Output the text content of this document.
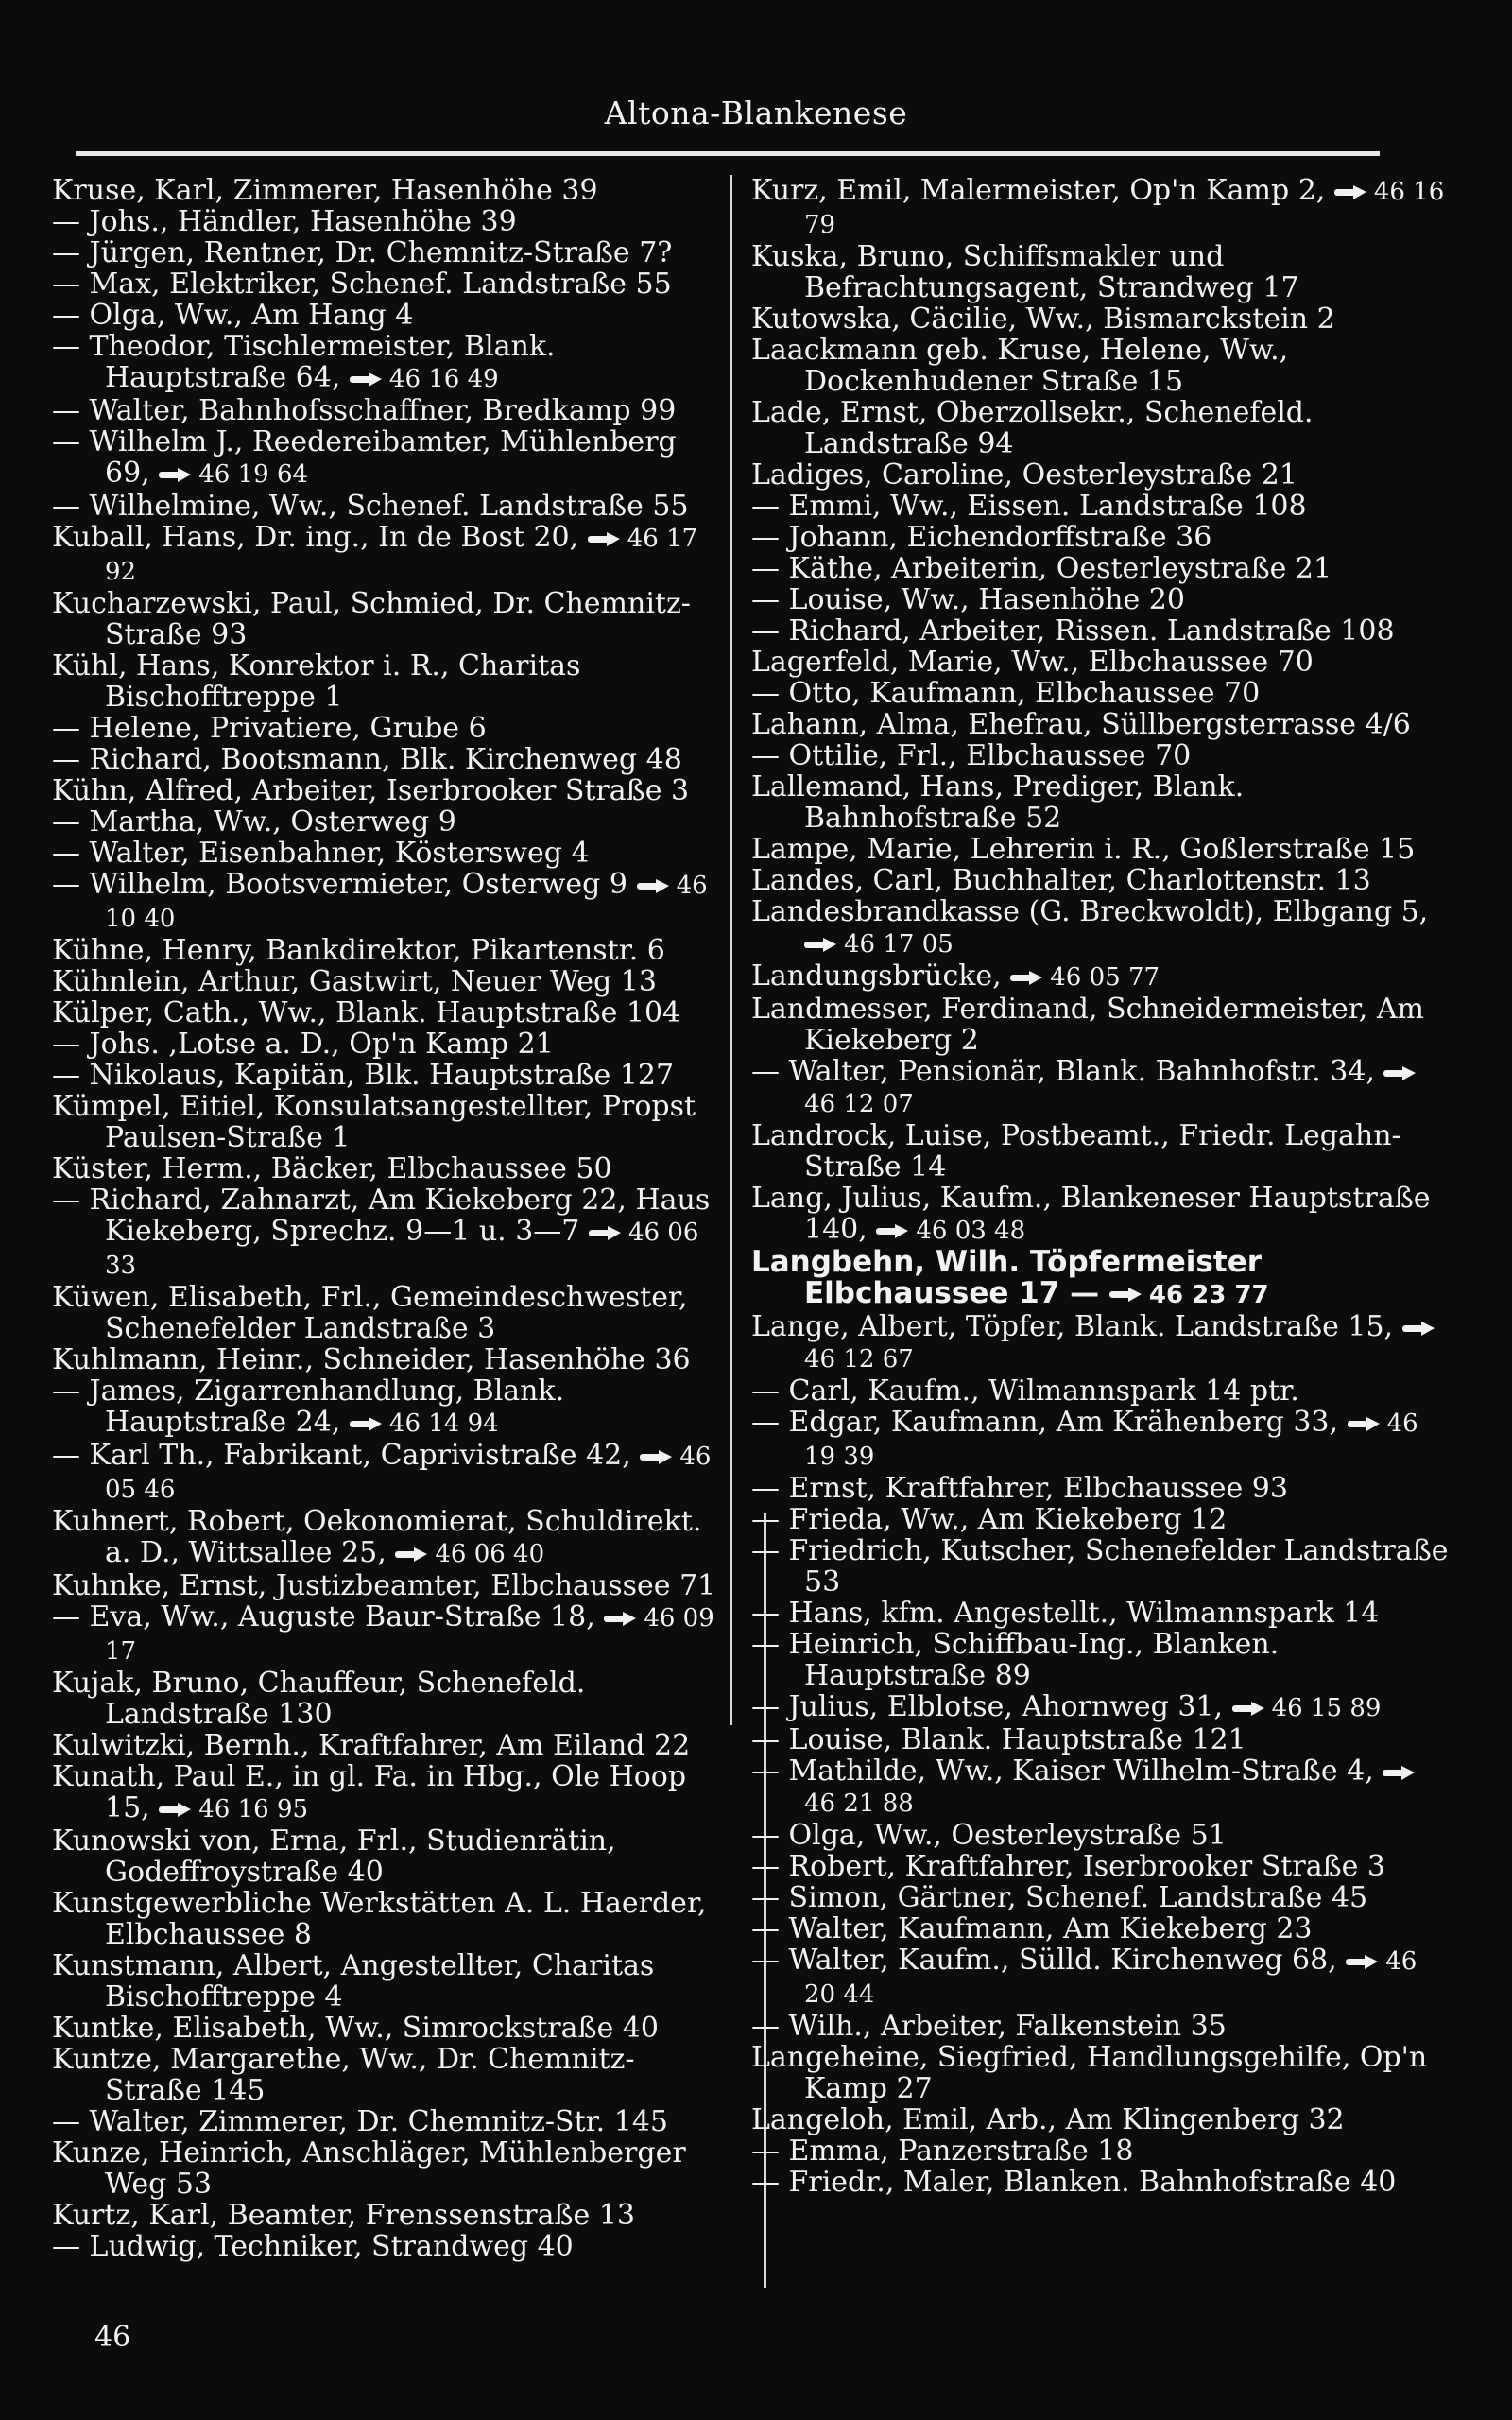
Altona-Blankenese

Kruse, Karl, Zimmerer, Hasenhöhe 39

— Johs., Händler, Hasenhöhe 39

— Jürgen, Rentner, Dr. Chemnitz-Straße 7?

— Max, Elektriker, Schenef. Landstraße 55

— Olga, Ww., Am Hang 4

— Theodor, Tischlermeister, Blank. Hauptstraße 64, 46 16 49

— Walter, Bahnhofsschaffner, Bredkamp 99

— Wilhelm J., Reedereibamter, Mühlenberg 69, 46 19 64

— Wilhelmine, Ww., Schenef. Landstraße 55

Kuball, Hans, Dr. ing., In de Bost 20, 46 17 92

Kucharzewski, Paul, Schmied, Dr. Chemnitz-Straße 93

Kühl, Hans, Konrektor i. R., Charitas Bischofftreppe 1

— Helene, Privatiere, Grube 6

— Richard, Bootsmann, Blk. Kirchenweg 48

Kühn, Alfred, Arbeiter, Iserbrooker Straße 3

— Martha, Ww., Osterweg 9

— Walter, Eisenbahner, Köstersweg 4

— Wilhelm, Bootsvermieter, Osterweg 9 46 10 40

Kühne, Henry, Bankdirektor, Pikartenstr. 6

Kühnlein, Arthur, Gastwirt, Neuer Weg 13

Külper, Cath., Ww., Blank. Hauptstraße 104

— Johs. ,Lotse a. D., Op'n Kamp 21

— Nikolaus, Kapitän, Blk. Hauptstraße 127

Kümpel, Eitiel, Konsulatsangestellter, Propst Paulsen-Straße 1

Küster, Herm., Bäcker, Elbchaussee 50

— Richard, Zahnarzt, Am Kiekeberg 22, Haus Kiekeberg, Sprechz. 9—1 u. 3—7 46 06 33

Küwen, Elisabeth, Frl., Gemeindeschwester, Schenefelder Landstraße 3

Kuhlmann, Heinr., Schneider, Hasenhöhe 36

— James, Zigarrenhandlung, Blank. Hauptstraße 24, 46 14 94

— Karl Th., Fabrikant, Caprivistraße 42, 46 05 46

Kuhnert, Robert, Oekonomierat, Schuldirekt. a. D., Wittsallee 25, 46 06 40

Kuhnke, Ernst, Justizbeamter, Elbchaussee 71

— Eva, Ww., Auguste Baur-Straße 18, 46 09 17

Kujak, Bruno, Chauffeur, Schenefeld. Landstraße 130

Kulwitzki, Bernh., Kraftfahrer, Am Eiland 22

Kunath, Paul E., in gl. Fa. in Hbg., Ole Hoop 15, 46 16 95

Kunowski von, Erna, Frl., Studienrätin, Godeffroystraße 40

Kunstgewerbliche Werkstätten A. L. Haerder, Elbchaussee 8

Kunstmann, Albert, Angestellter, Charitas Bischofftreppe 4

Kuntke, Elisabeth, Ww., Simrockstraße 40

Kuntze, Margarethe, Ww., Dr. Chemnitz-Straße 145

— Walter, Zimmerer, Dr. Chemnitz-Str. 145

Kunze, Heinrich, Anschläger, Mühlenberger Weg 53

Kurtz, Karl, Beamter, Frenssenstraße 13

— Ludwig, Techniker, Strandweg 40

Kurz, Emil, Malermeister, Op'n Kamp 2, 46 16 79

Kuska, Bruno, Schiffsmakler und Befrachtungsagent, Strandweg 17

Kutowska, Cäcilie, Ww., Bismarckstein 2

Laackmann geb. Kruse, Helene, Ww., Dockenhudener Straße 15

Lade, Ernst, Oberzollsekr., Schenefeld. Landstraße 94

Ladiges, Caroline, Oesterleystraße 21

— Emmi, Ww., Eissen. Landstraße 108

— Johann, Eichendorffstraße 36

— Käthe, Arbeiterin, Oesterleystraße 21

— Louise, Ww., Hasenhöhe 20

— Richard, Arbeiter, Rissen. Landstraße 108

Lagerfeld, Marie, Ww., Elbchaussee 70

— Otto, Kaufmann, Elbchaussee 70

Lahann, Alma, Ehefrau, Süllbergsterrasse 4/6

— Ottilie, Frl., Elbchaussee 70

Lallemand, Hans, Prediger, Blank. Bahnhofstraße 52

Lampe, Marie, Lehrerin i. R., Goßlerstraße 15

Landes, Carl, Buchhalter, Charlottenstr. 13

Landesbrandkasse (G. Breckwoldt), Elbgang 5, 46 17 05

Landungsbrücke, 46 05 77

Landmesser, Ferdinand, Schneidermeister, Am Kiekeberg 2

— Walter, Pensionär, Blank. Bahnhofstr. 34, 46 12 07

Landrock, Luise, Postbeamt., Friedr. Legahn-Straße 14

Lang, Julius, Kaufm., Blankeneser Hauptstraße 140, 46 03 48

Langbehn, Wilh. Töpfermeister Elbchaussee 17 — 46 23 77

Lange, Albert, Töpfer, Blank. Landstraße 15, 46 12 67

— Carl, Kaufm., Wilmannspark 14 ptr.

— Edgar, Kaufmann, Am Krähenberg 33, 46 19 39

— Ernst, Kraftfahrer, Elbchaussee 93

— Frieda, Ww., Am Kiekeberg 12

— Friedrich, Kutscher, Schenefelder Landstraße 53

— Hans, kfm. Angestellt., Wilmannspark 14

— Heinrich, Schiffbau-Ing., Blanken. Hauptstraße 89

— Julius, Elblotse, Ahornweg 31, 46 15 89

— Louise, Blank. Hauptstraße 121

— Mathilde, Ww., Kaiser Wilhelm-Straße 4, 46 21 88

— Olga, Ww., Oesterleystraße 51

— Robert, Kraftfahrer, Iserbrooker Straße 3

— Simon, Gärtner, Schenef. Landstraße 45

— Walter, Kaufmann, Am Kiekeberg 23

— Walter, Kaufm., Sülld. Kirchenweg 68, 46 20 44

— Wilh., Arbeiter, Falkenstein 35

Langeheine, Siegfried, Handlungsgehilfe, Op'n Kamp 27

Langeloh, Emil, Arb., Am Klingenberg 32

— Emma, Panzerstraße 18

— Friedr., Maler, Blanken. Bahnhofstraße 40

46
